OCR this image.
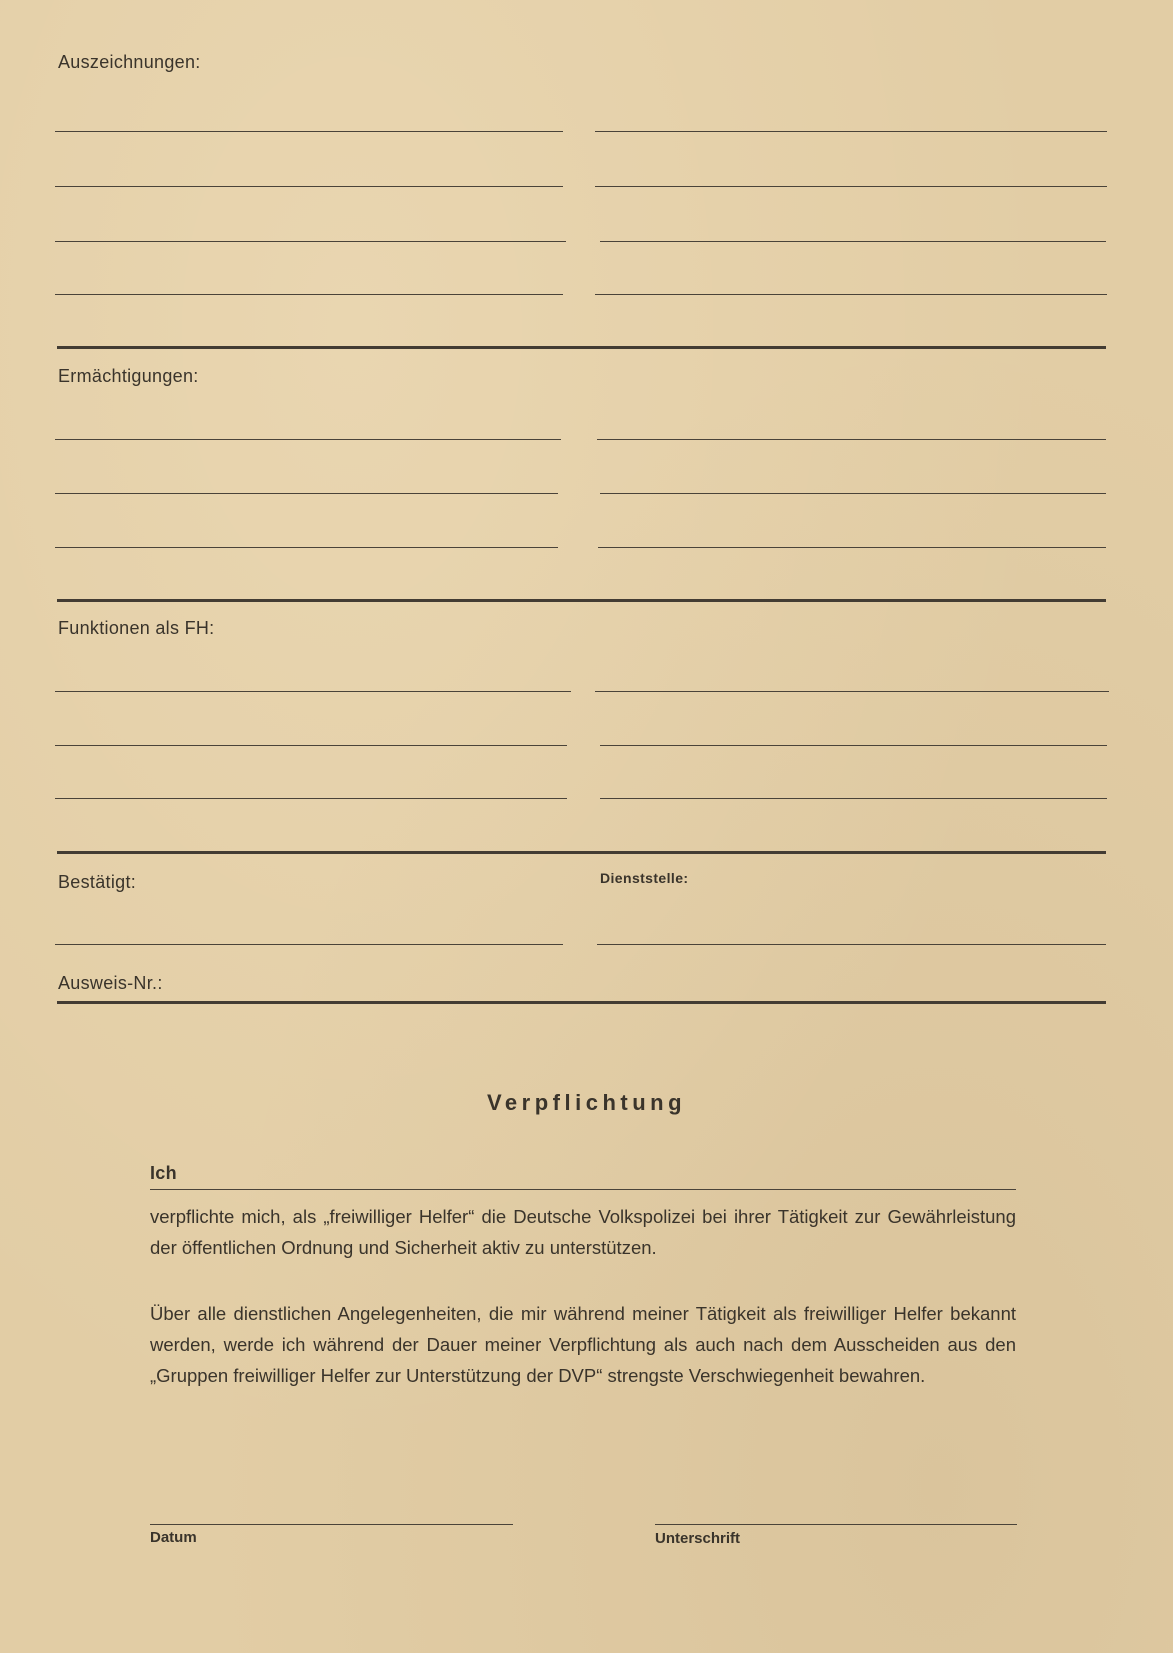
Auszeichnungen:
Ermächtigungen:
Funktionen als FH:
Bestätigt:	Dienststelle:
Ausweis-Nr.:
Verpflichtung
Ich

verpflichte mich, als „freiwilliger Helfer“ die Deutsche Volkspolizei bei ihrer Tätigkeit zur Gewährleistung der öffentlichen Ordnung und Sicherheit aktiv zu unterstützen.

Über alle dienstlichen Angelegenheiten, die mir während meiner Tätigkeit als freiwilliger Helfer bekannt werden, werde ich während der Dauer meiner Verpflichtung als auch nach dem Ausscheiden aus den „Gruppen freiwilliger Helfer zur Unterstützung der DVP“ strengste Verschwiegenheit bewahren.

Datum	Unterschrift
